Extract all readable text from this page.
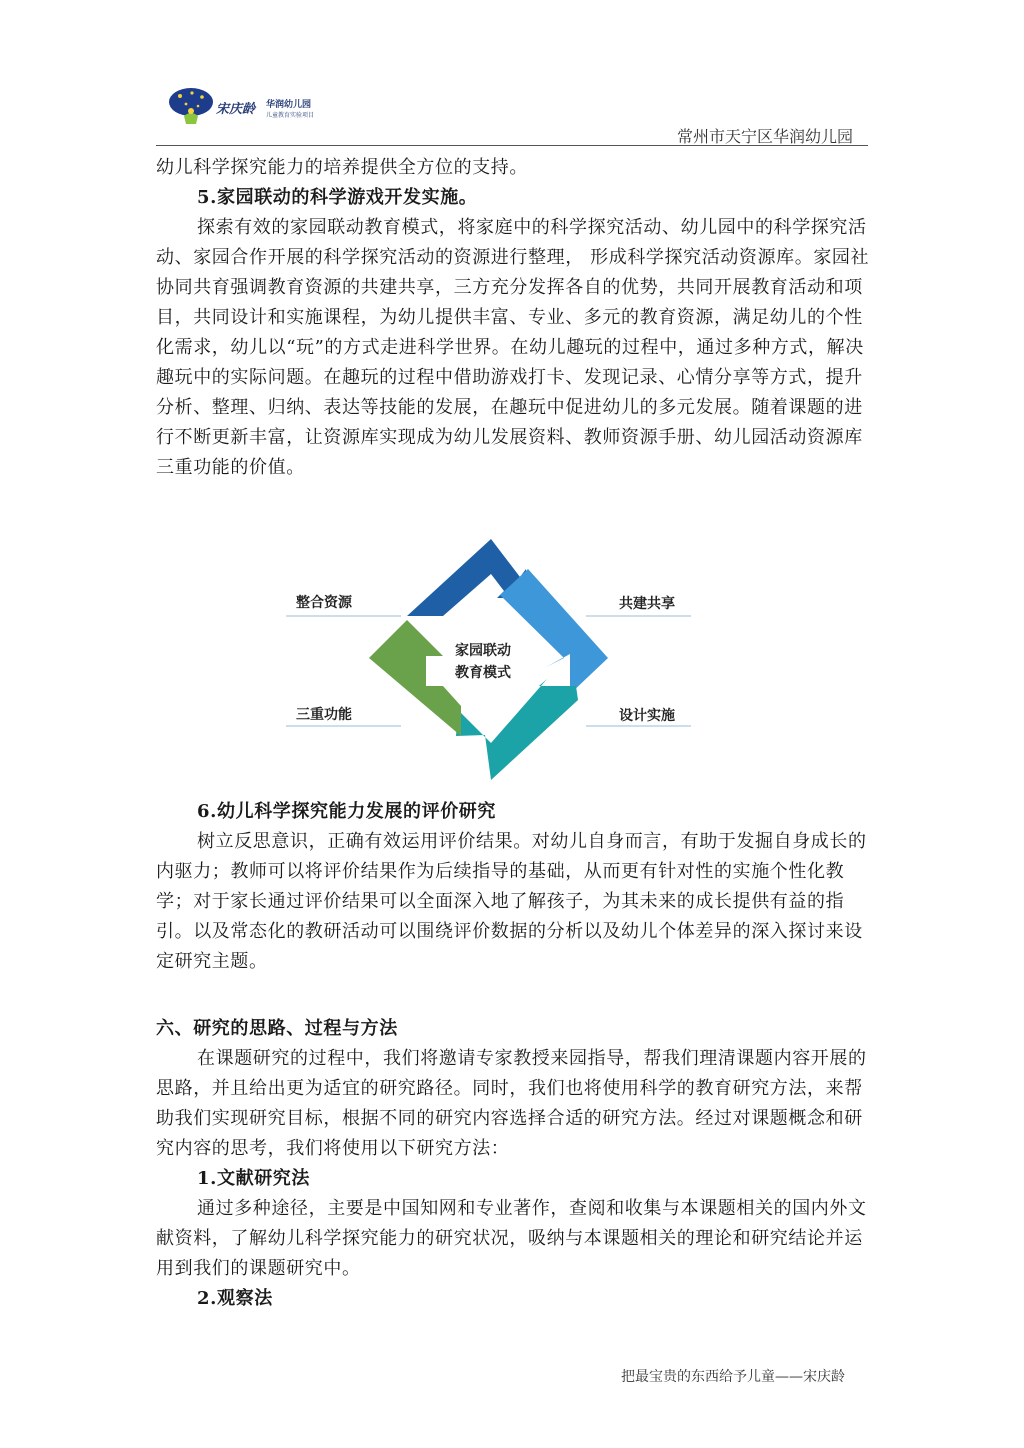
宋庆龄 华润幼儿园
儿童教育实验项目
常州市天宁区华润幼儿园

幼儿科学探究能力的培养提供全方位的支持。

5.家园联动的科学游戏开发实施。

探索有效的家园联动教育模式，将家庭中的科学探究活动、幼儿园中的科学探究活动、家园合作开展的科学探究活动的资源进行整理， 形成科学探究活动资源库。家园社协同共育强调教育资源的共建共享，三方充分发挥各自的优势，共同开展教育活动和项目，共同设计和实施课程，为幼儿提供丰富、专业、多元的教育资源，满足幼儿的个性化需求，幼儿以“玩”的方式走进科学世界。在幼儿趣玩的过程中，通过多种方式，解决趣玩中的实际问题。在趣玩的过程中借助游戏打卡、发现记录、心情分享等方式，提升分析、整理、归纳、表达等技能的发展，在趣玩中促进幼儿的多元发展。随着课题的进行不断更新丰富，让资源库实现成为幼儿发展资料、教师资源手册、幼儿园活动资源库三重功能的价值。

家园联动
教育模式
整合资源	共建共享
三重功能	设计实施

6.幼儿科学探究能力发展的评价研究

树立反思意识，正确有效运用评价结果。对幼儿自身而言，有助于发掘自身成长的内驱力；教师可以将评价结果作为后续指导的基础，从而更有针对性的实施个性化教学；对于家长通过评价结果可以全面深入地了解孩子，为其未来的成长提供有益的指引。以及常态化的教研活动可以围绕评价数据的分析以及幼儿个体差异的深入探讨来设定研究主题。

六、研究的思路、过程与方法

在课题研究的过程中，我们将邀请专家教授来园指导，帮我们理清课题内容开展的思路，并且给出更为适宜的研究路径。同时，我们也将使用科学的教育研究方法，来帮助我们实现研究目标，根据不同的研究内容选择合适的研究方法。经过对课题概念和研究内容的思考，我们将使用以下研究方法：

1.文献研究法

通过多种途径，主要是中国知网和专业著作，查阅和收集与本课题相关的国内外文献资料，了解幼儿科学探究能力的研究状况，吸纳与本课题相关的理论和研究结论并运用到我们的课题研究中。

2.观察法

把最宝贵的东西给予儿童——宋庆龄
